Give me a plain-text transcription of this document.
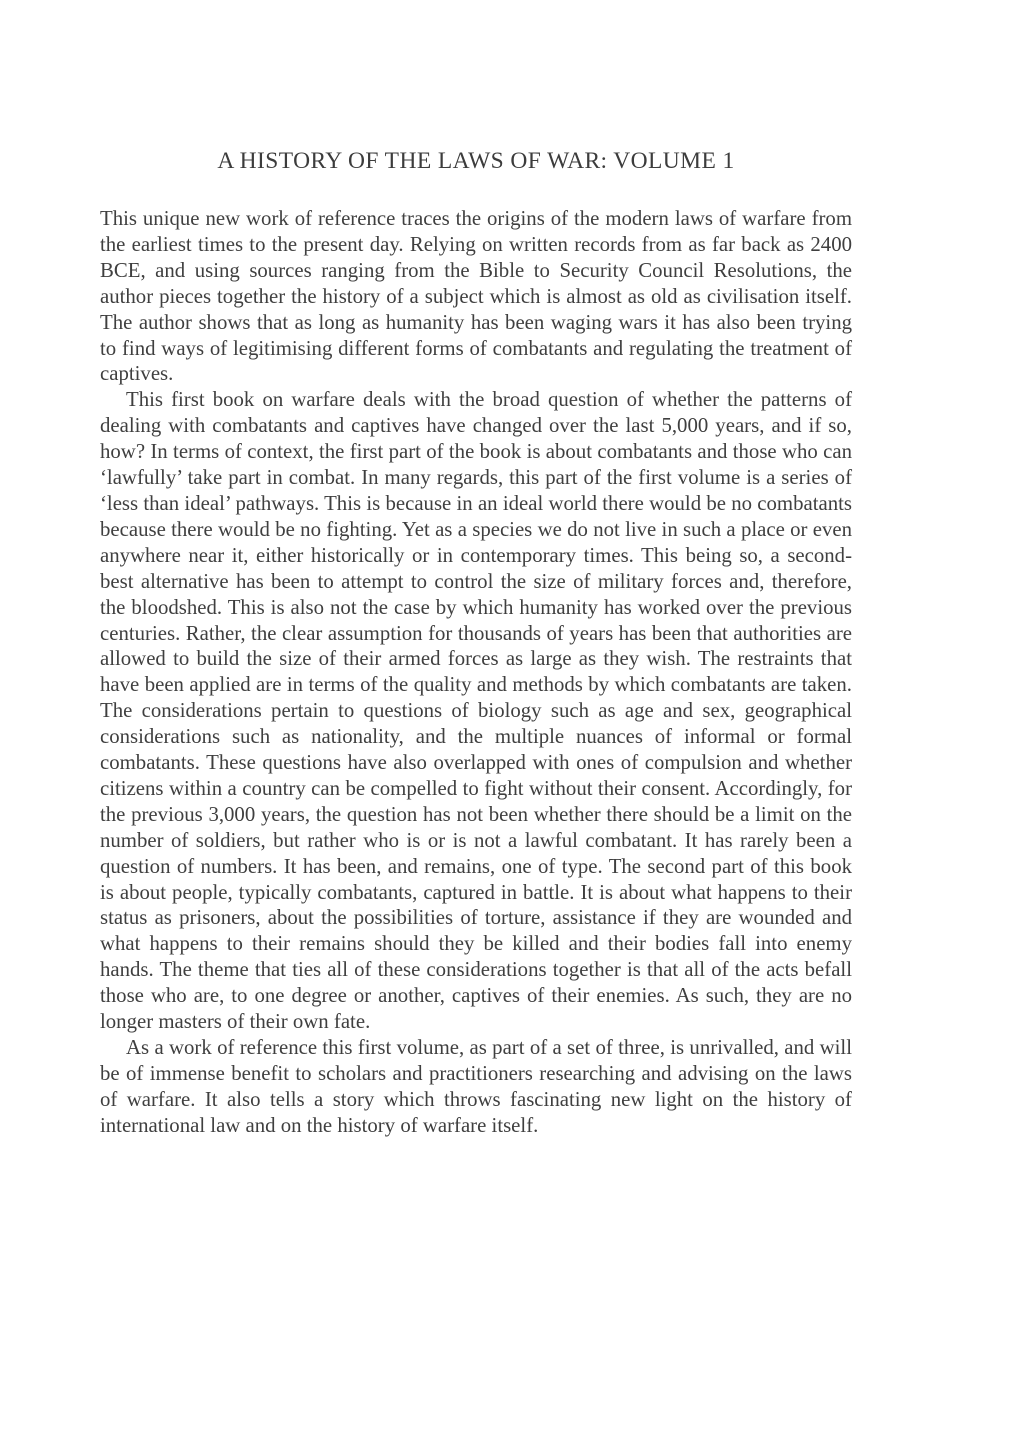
A HISTORY OF THE LAWS OF WAR: VOLUME 1

This unique new work of reference traces the origins of the modern laws of warfare from the earliest times to the present day. Relying on written records from as far back as 2400 BCE, and using sources ranging from the Bible to Security Council Resolutions, the author pieces together the history of a subject which is almost as old as civilisation itself. The author shows that as long as humanity has been waging wars it has also been trying to find ways of legitimising different forms of combatants and regulating the treatment of captives.

This first book on warfare deals with the broad question of whether the patterns of dealing with combatants and captives have changed over the last 5,000 years, and if so, how? In terms of context, the first part of the book is about combatants and those who can ‘lawfully’ take part in combat. In many regards, this part of the first volume is a series of ‘less than ideal’ pathways. This is because in an ideal world there would be no combatants because there would be no fighting. Yet as a species we do not live in such a place or even anywhere near it, either historically or in contemporary times. This being so, a second-best alternative has been to attempt to control the size of military forces and, therefore, the bloodshed. This is also not the case by which humanity has worked over the previous centuries. Rather, the clear assumption for thousands of years has been that authorities are allowed to build the size of their armed forces as large as they wish. The restraints that have been applied are in terms of the quality and methods by which combatants are taken. The considerations pertain to questions of biology such as age and sex, geographical considerations such as nationality, and the multiple nuances of informal or formal combatants. These questions have also overlapped with ones of compulsion and whether citizens within a country can be compelled to fight without their consent. Accordingly, for the previous 3,000 years, the question has not been whether there should be a limit on the number of soldiers, but rather who is or is not a lawful combatant. It has rarely been a question of numbers. It has been, and remains, one of type. The second part of this book is about people, typically combatants, captured in battle. It is about what happens to their status as prisoners, about the possibilities of torture, assistance if they are wounded and what happens to their remains should they be killed and their bodies fall into enemy hands. The theme that ties all of these considerations together is that all of the acts befall those who are, to one degree or another, captives of their enemies. As such, they are no longer masters of their own fate.

As a work of reference this first volume, as part of a set of three, is unrivalled, and will be of immense benefit to scholars and practitioners researching and advising on the laws of warfare. It also tells a story which throws fascinating new light on the history of international law and on the history of warfare itself.
